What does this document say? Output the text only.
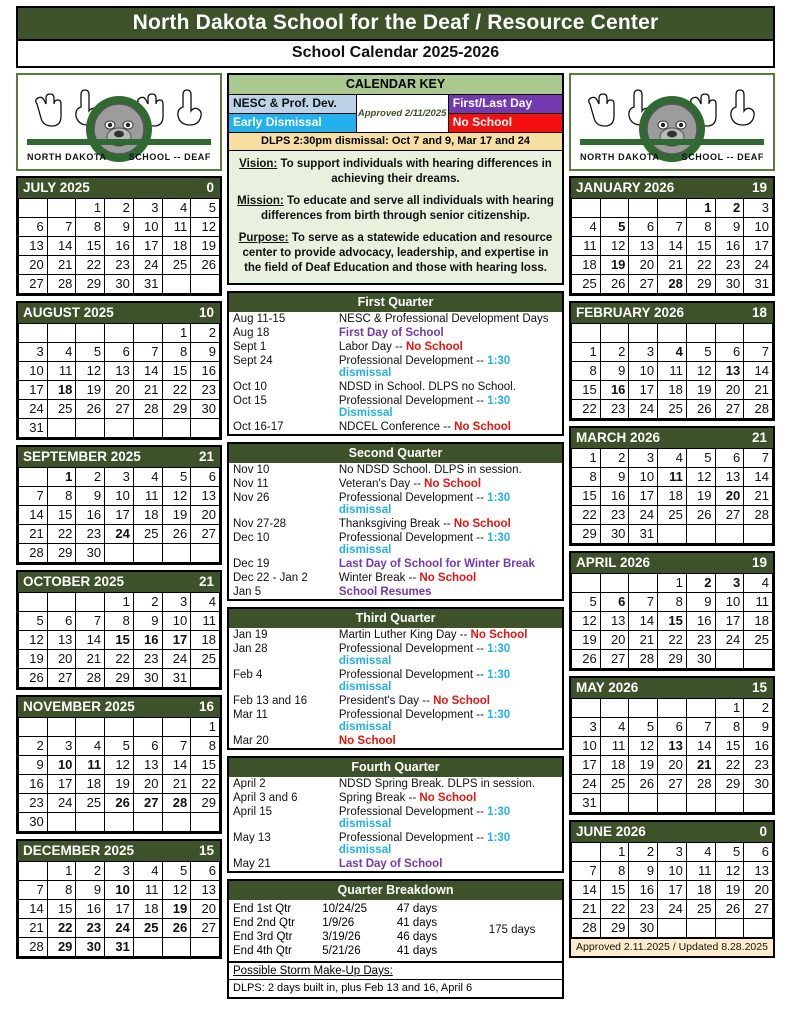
North Dakota School for the Deaf / Resource Center
School Calendar 2025-2026
NORTH DAKOTA SCHOOL -- DEAF
JULY 2025	0
		1	2	3	4	5
6	7	8	9	10	11	12
13	14	15	16	17	18	19
20	21	22	23	24	25	26
27	28	29	30	31		
AUGUST 2025	10
					1	2
3	4	5	6	7	8	9
10	11	12	13	14	15	16
17	18	19	20	21	22	23
24	25	26	27	28	29	30
31						
SEPTEMBER 2025	21
	1	2	3	4	5	6
7	8	9	10	11	12	13
14	15	16	17	18	19	20
21	22	23	24	25	26	27
28	29	30				
OCTOBER 2025	21
			1	2	3	4
5	6	7	8	9	10	11
12	13	14	15	16	17	18
19	20	21	22	23	24	25
26	27	28	29	30	31	
NOVEMBER 2025	16
						1
2	3	4	5	6	7	8
9	10	11	12	13	14	15
16	17	18	19	20	21	22
23	24	25	26	27	28	29
30						
DECEMBER 2025	15
	1	2	3	4	5	6
7	8	9	10	11	12	13
14	15	16	17	18	19	20
21	22	23	24	25	26	27
28	29	30	31			
CALENDAR KEY
NESC & Prof. Dev.
Early Dismissal
Approved 2/11/2025
First/Last Day
No School
DLPS 2:30pm dismissal: Oct 7 and 9, Mar 17 and 24

Vision: To support individuals with hearing differences in achieving their dreams.

Mission: To educate and serve all individuals with hearing differences from birth through senior citizenship.

Purpose: To serve as a statewide education and resource center to provide advocacy, leadership, and expertise in the field of Deaf Education and those with hearing loss.

First Quarter
Aug 11-15	NESC & Professional Development Days
Aug 18	First Day of School
Sept 1	Labor Day -- No School
Sept 24	Professional Development -- 1:30 dismissal
Oct 10	NDSD in School. DLPS no School.
Oct 15	Professional Development -- 1:30 Dismissal
Oct 16-17	NDCEL Conference -- No School
Second Quarter
Nov 10	No NDSD School. DLPS in session.
Nov 11	Veteran's Day -- No School
Nov 26	Professional Development -- 1:30 dismissal
Nov 27-28	Thanksgiving Break -- No School
Dec 10	Professional Development -- 1:30 dismissal
Dec 19	Last Day of School for Winter Break
Dec 22 - Jan 2	Winter Break -- No School
Jan 5	School Resumes
Third Quarter
Jan 19	Martin Luther King Day -- No School
Jan 28	Professional Development -- 1:30 dismissal
Feb 4	Professional Development -- 1:30 dismissal
Feb 13 and 16	President's Day -- No School
Mar 11	Professional Development -- 1:30 dismissal
Mar 20	No School
Fourth Quarter
April 2	NDSD Spring Break. DLPS in session.
April 3 and 6	Spring Break -- No School
April 15	Professional Development -- 1:30 dismissal
May 13	Professional Development -- 1:30 dismissal
May 21	Last Day of School
Quarter Breakdown
End 1st Qtr	10/24/25	47 days
End 2nd Qtr	1/9/26	41 days
End 3rd Qtr	3/19/26	46 days
End 4th Qtr	5/21/26	41 days
175 days
Possible Storm Make-Up Days:
DLPS: 2 days built in, plus Feb 13 and 16, April 6
NORTH DAKOTA SCHOOL -- DEAF
JANUARY 2026	19
				1	2	3
4	5	6	7	8	9	10
11	12	13	14	15	16	17
18	19	20	21	22	23	24
25	26	27	28	29	30	31
FEBRUARY 2026	18

1	2	3	4	5	6	7
8	9	10	11	12	13	14
15	16	17	18	19	20	21
22	23	24	25	26	27	28
MARCH 2026	21
1	2	3	4	5	6	7
8	9	10	11	12	13	14
15	16	17	18	19	20	21
22	23	24	25	26	27	28
29	30	31				
APRIL 2026	19
			1	2	3	4
5	6	7	8	9	10	11
12	13	14	15	16	17	18
19	20	21	22	23	24	25
26	27	28	29	30		
MAY 2026	15
					1	2
3	4	5	6	7	8	9
10	11	12	13	14	15	16
17	18	19	20	21	22	23
24	25	26	27	28	29	30
31						
JUNE 2026	0
	1	2	3	4	5	6
7	8	9	10	11	12	13
14	15	16	17	18	19	20
21	22	23	24	25	26	27
28	29	30				
Approved 2.11.2025 / Updated 8.28.2025
